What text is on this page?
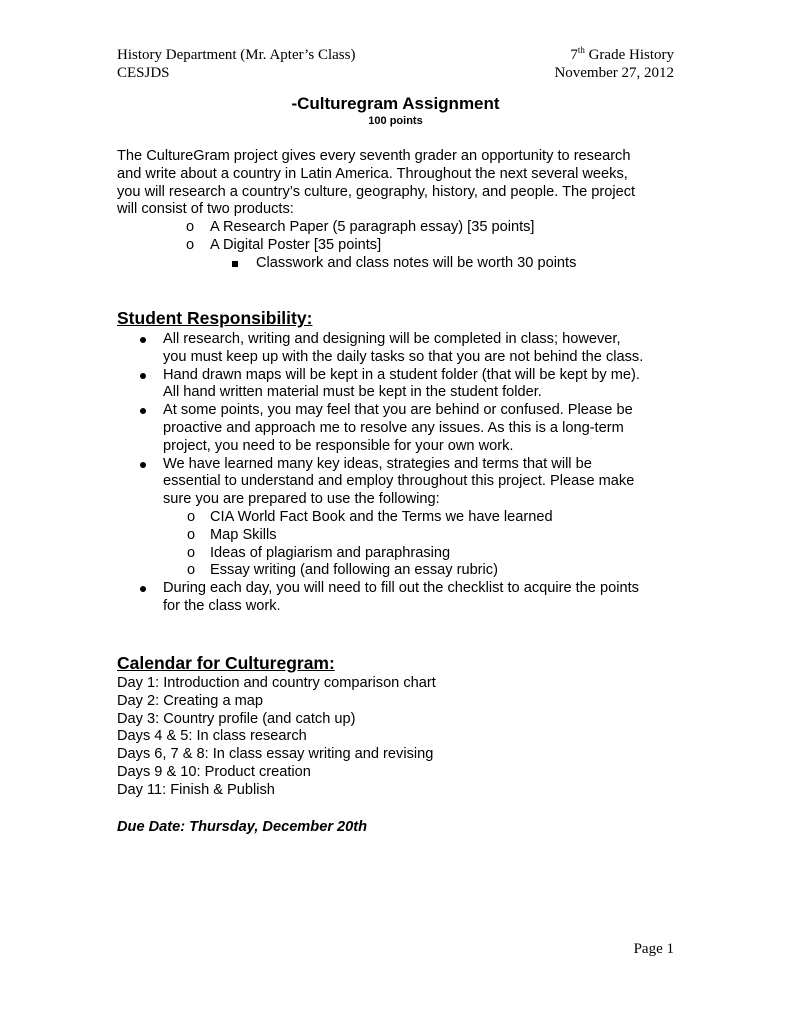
History Department (Mr. Apter’s Class)
CESJDS
7th Grade History
November 27, 2012
-Culturegram Assignment
100 points
The CultureGram project gives every seventh grader an opportunity to research
and write about a country in Latin America. Throughout the next several weeks,
you will research a country’s culture, geography, history, and people. The project
will consist of two products:
o A Research Paper (5 paragraph essay) [35 points]
o A Digital Poster [35 points]
Classwork and class notes will be worth 30 points
Student Responsibility:
All research, writing and designing will be completed in class; however,
you must keep up with the daily tasks so that you are not behind the class.
Hand drawn maps will be kept in a student folder (that will be kept by me).
All hand written material must be kept in the student folder.
At some points, you may feel that you are behind or confused. Please be
proactive and approach me to resolve any issues. As this is a long-term
project, you need to be responsible for your own work.
We have learned many key ideas, strategies and terms that will be
essential to understand and employ throughout this project. Please make
sure you are prepared to use the following:
o CIA World Fact Book and the Terms we have learned
o Map Skills
o Ideas of plagiarism and paraphrasing
o Essay writing (and following an essay rubric)
During each day, you will need to fill out the checklist to acquire the points
for the class work.
Calendar for Culturegram:
Day 1: Introduction and country comparison chart
Day 2: Creating a map
Day 3: Country profile (and catch up)
Days 4 & 5: In class research
Days 6, 7 & 8: In class essay writing and revising
Days 9 & 10: Product creation
Day 11: Finish & Publish
Due Date: Thursday, December 20th
Page 1
